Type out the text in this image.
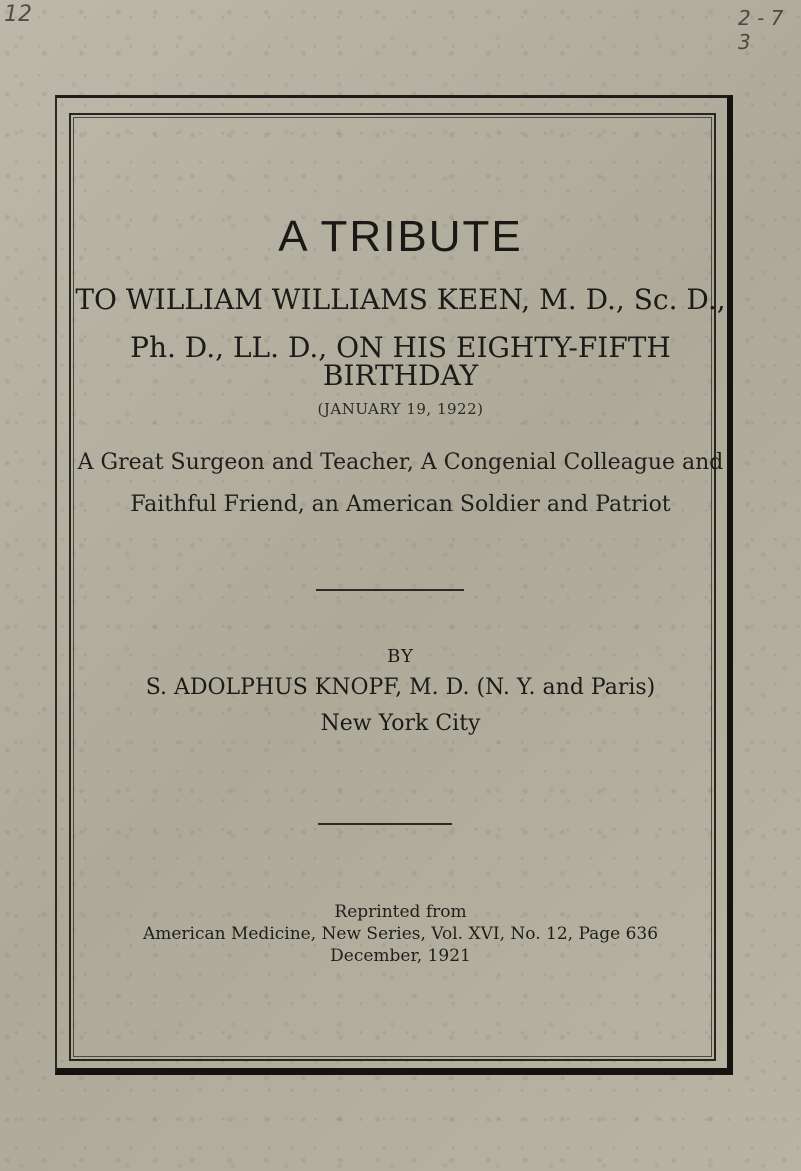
12	2 - 7 3
A TRIBUTE
TO WILLIAM WILLIAMS KEEN, M. D., Sc. D.,
Ph. D., LL. D., ON HIS EIGHTY-FIFTH
BIRTHDAY
(JANUARY 19, 1922)
A Great Surgeon and Teacher, A Congenial Colleague and
Faithful Friend, an American Soldier and Patriot
BY
S. ADOLPHUS KNOPF, M. D. (N. Y. and Paris)
New York City
Reprinted from
American Medicine, New Series, Vol. XVI, No. 12, Page 636
December, 1921
